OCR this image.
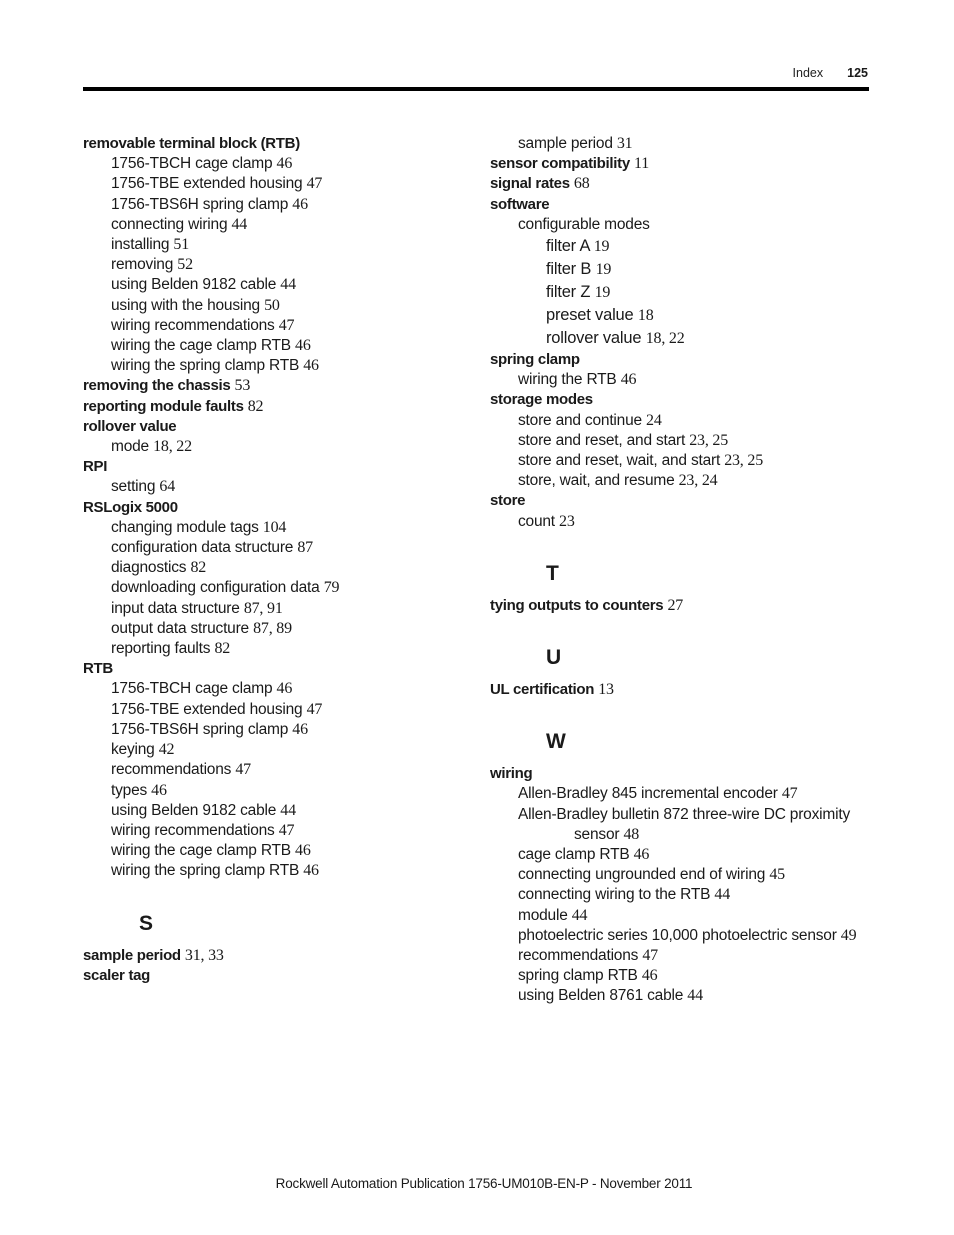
Index 125
removable terminal block (RTB)
1756-TBCH cage clamp 46
1756-TBE extended housing 47
1756-TBS6H spring clamp 46
connecting wiring 44
installing 51
removing 52
using Belden 9182 cable 44
using with the housing 50
wiring recommendations 47
wiring the cage clamp RTB 46
wiring the spring clamp RTB 46
removing the chassis 53
reporting module faults 82
rollover value
mode 18, 22
RPI
setting 64
RSLogix 5000
changing module tags 104
configuration data structure 87
diagnostics 82
downloading configuration data 79
input data structure 87, 91
output data structure 87, 89
reporting faults 82
RTB
1756-TBCH cage clamp 46
1756-TBE extended housing 47
1756-TBS6H spring clamp 46
keying 42
recommendations 47
types 46
using Belden 9182 cable 44
wiring recommendations 47
wiring the cage clamp RTB 46
wiring the spring clamp RTB 46
S
sample period 31, 33
scaler tag
sample period 31
sensor compatibility 11
signal rates 68
software
configurable modes
filter A 19
filter B 19
filter Z 19
preset value 18
rollover value 18, 22
spring clamp
wiring the RTB 46
storage modes
store and continue 24
store and reset, and start 23, 25
store and reset, wait, and start 23, 25
store, wait, and resume 23, 24
store
count 23
T
tying outputs to counters 27
U
UL certification 13
W
wiring
Allen-Bradley 845 incremental encoder 47
Allen-Bradley bulletin 872 three-wire DC proximity
sensor 48
cage clamp RTB 46
connecting ungrounded end of wiring 45
connecting wiring to the RTB 44
module 44
photoelectric series 10,000 photoelectric sensor 49
recommendations 47
spring clamp RTB 46
using Belden 8761 cable 44
Rockwell Automation Publication 1756-UM010B-EN-P - November 2011
